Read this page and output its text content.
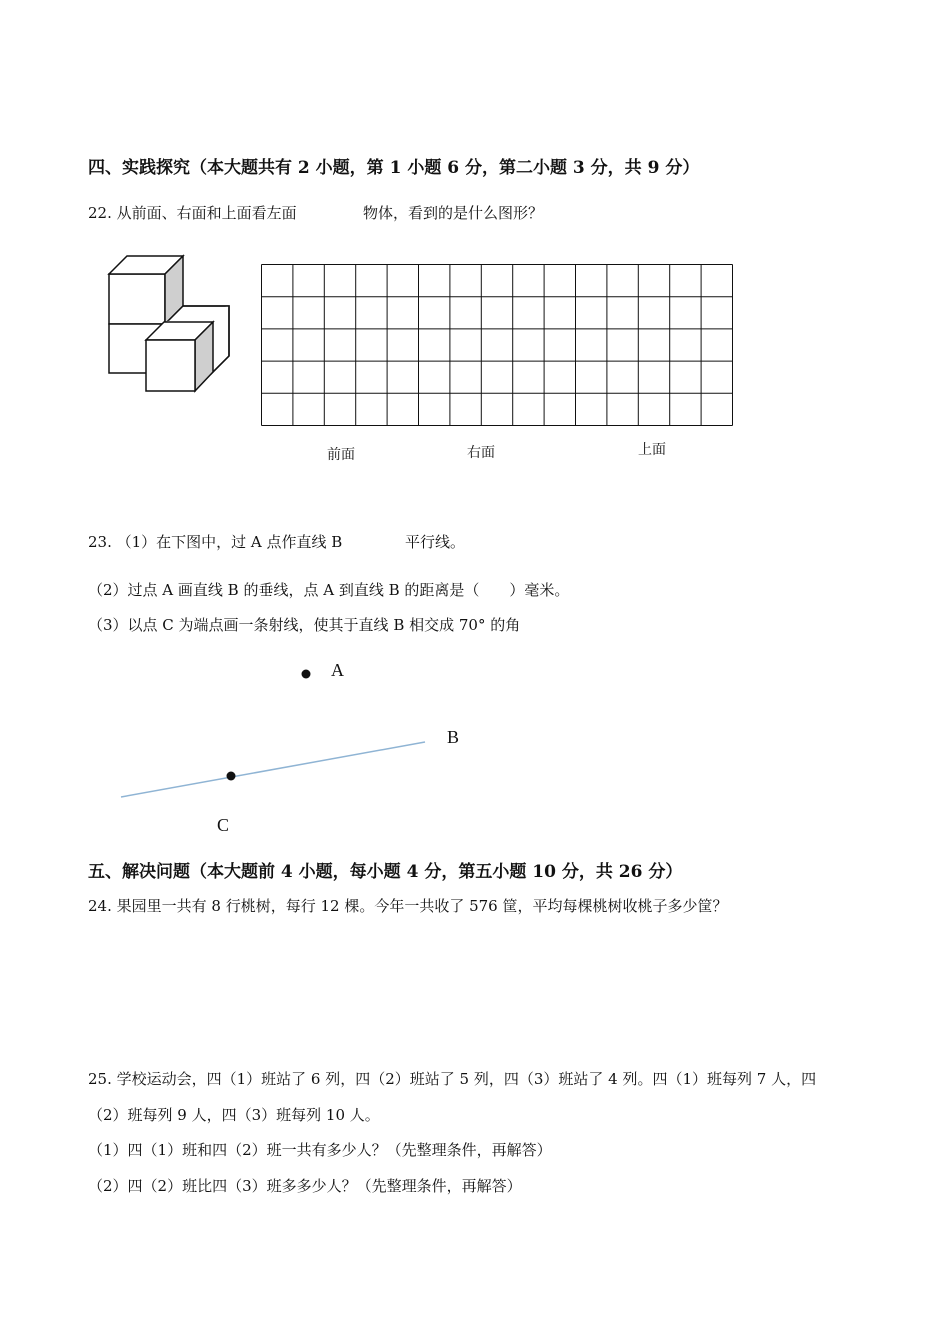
四、实践探究（本大题共有 2 小题，第 1 小题 6 分，第二小题 3 分，共 9 分）
22. 从前面、右面和上面看左面	物体，看到的是什么图形？
前面	右面	上面
23. （1）在下图中，过 A 点作直线 B	平行线。
（2）过点 A 画直线 B 的垂线，点 A 到直线 B 的距离是（　　）毫米。
（3）以点 C 为端点画一条射线，使其于直线 B 相交成 70° 的角
A
B
C
五、解决问题（本大题前 4 小题，每小题 4 分，第五小题 10 分，共 26 分）
24. 果园里一共有 8 行桃树，每行 12 棵。今年一共收了 576 筐，平均每棵桃树收桃子多少筐？
25. 学校运动会，四（1）班站了 6 列，四（2）班站了 5 列，四（3）班站了 4 列。四（1）班每列 7 人，四
（2）班每列 9 人，四（3）班每列 10 人。
（1）四（1）班和四（2）班一共有多少人？（先整理条件，再解答）
（2）四（2）班比四（3）班多多少人？（先整理条件，再解答）
